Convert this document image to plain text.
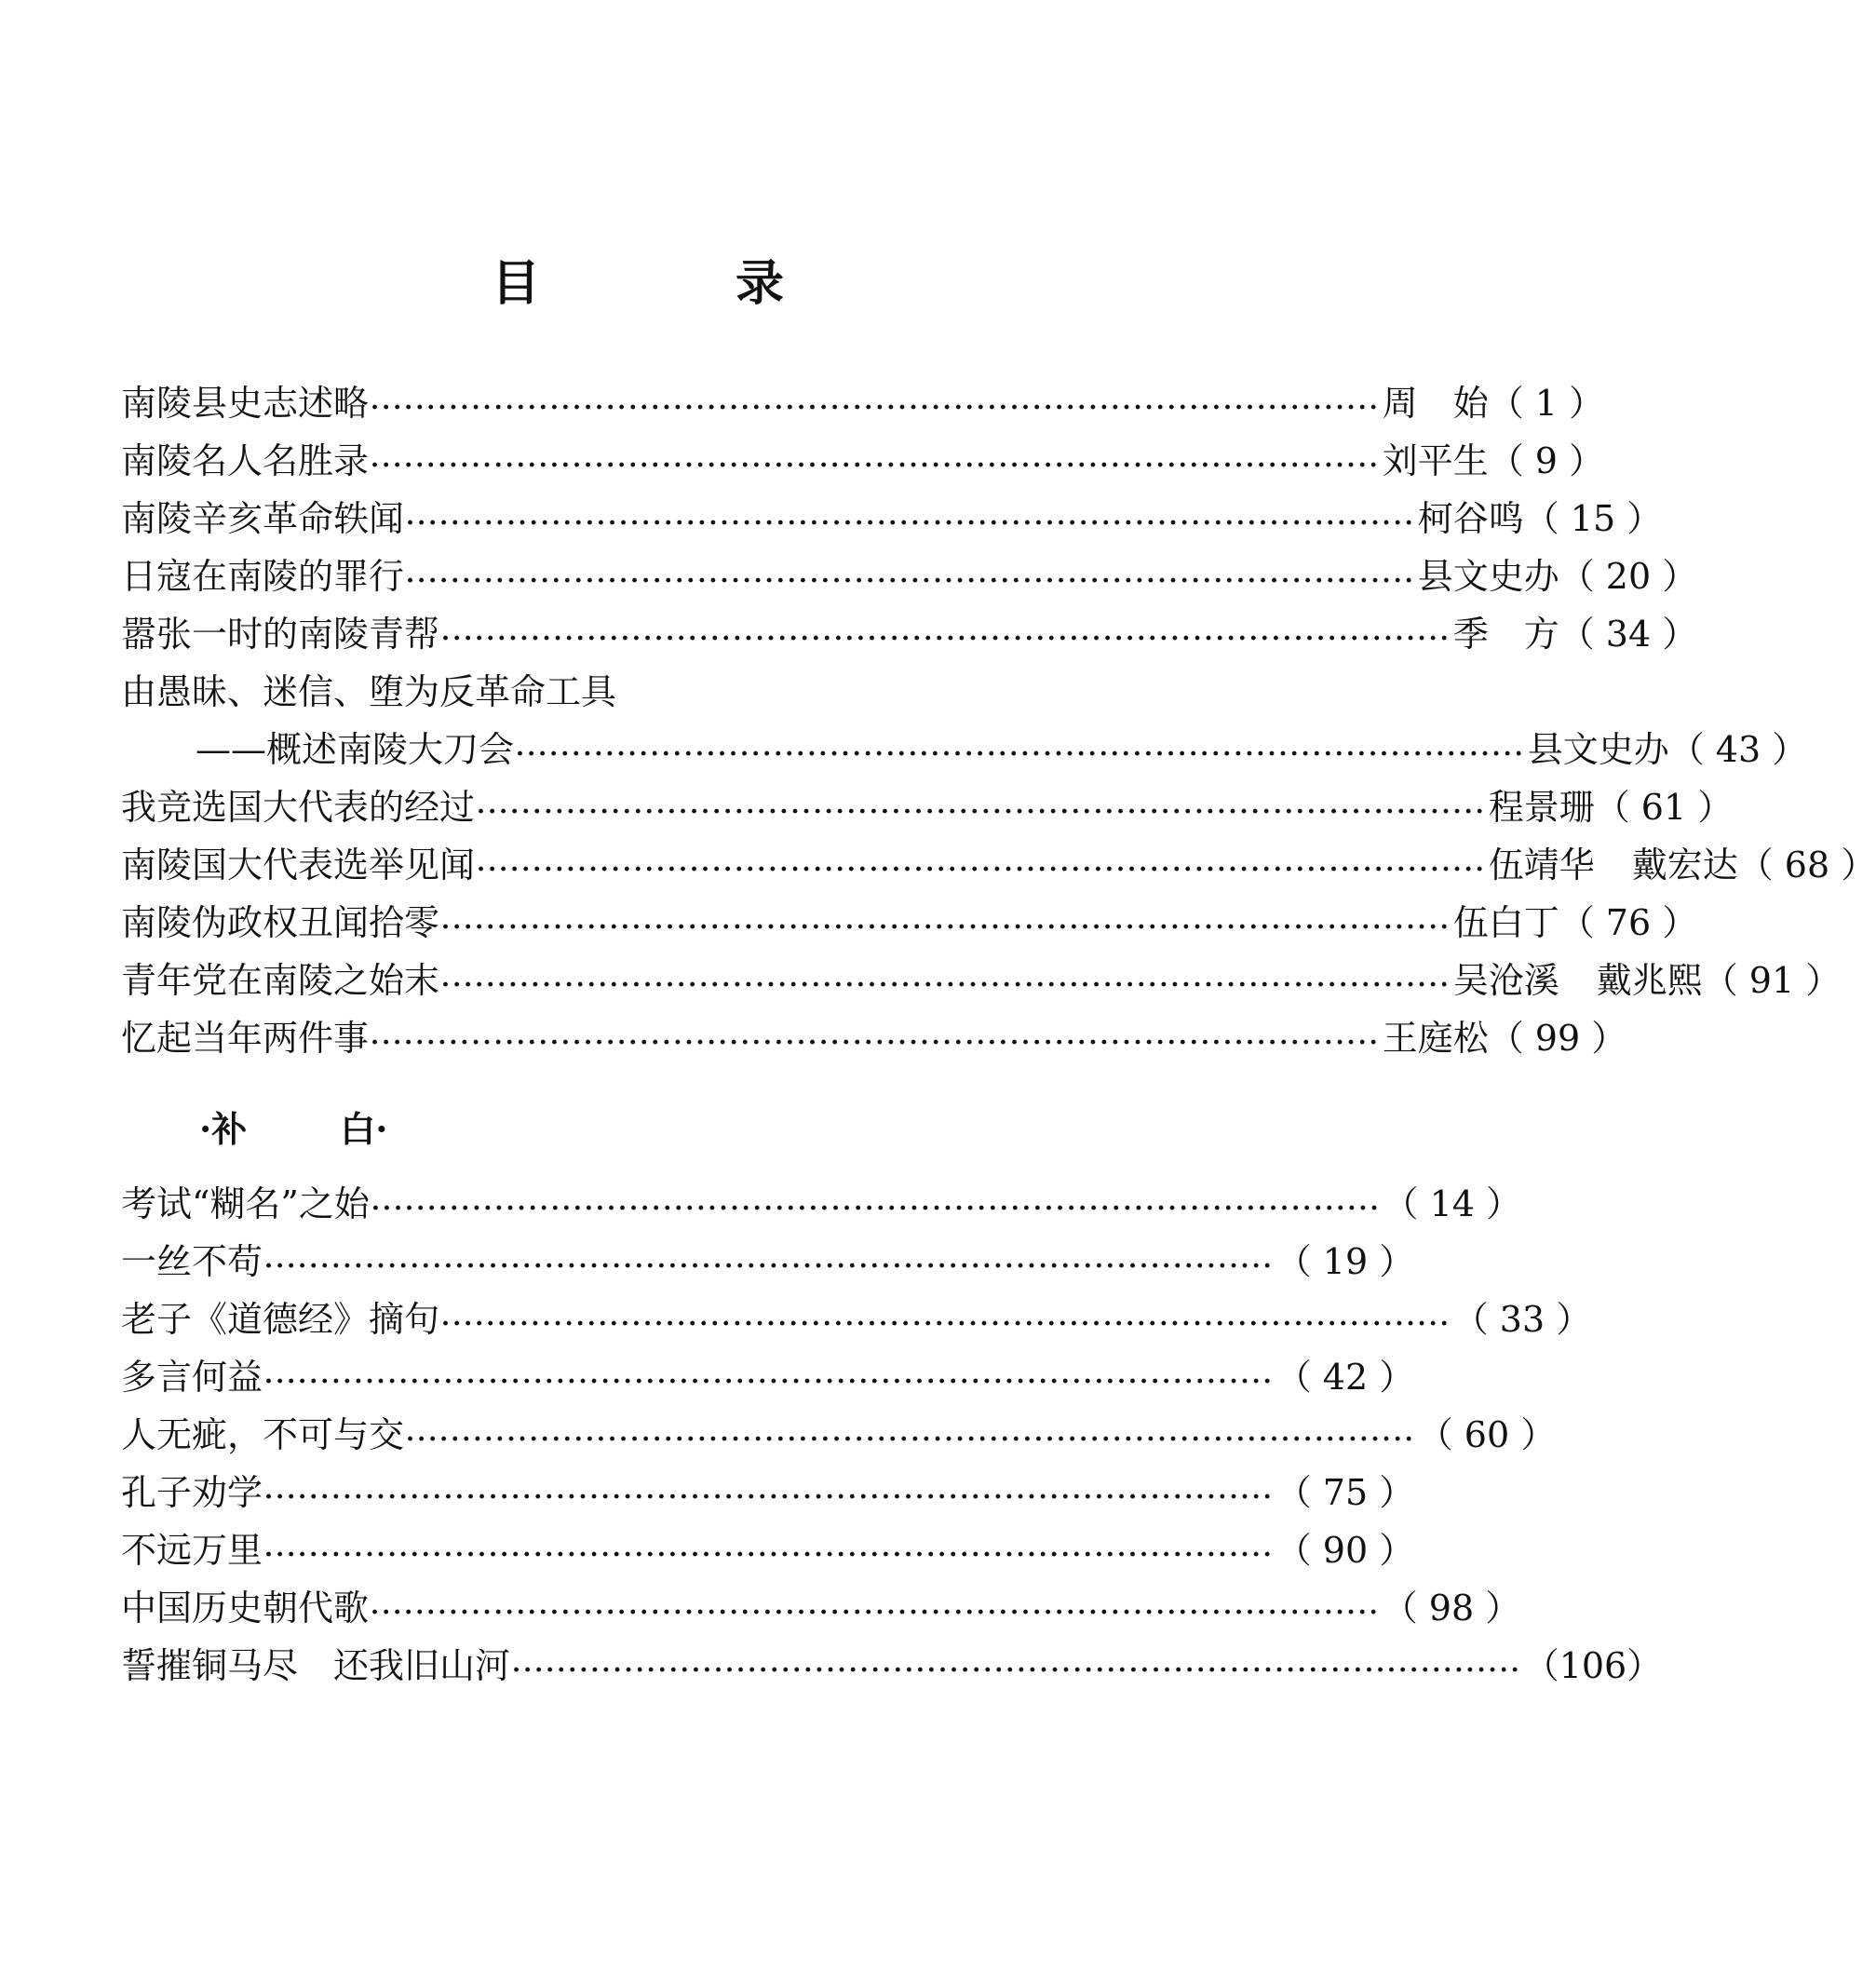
目	录
南陵县史志述略 ·························································································· 周　始 （ 1 ）
南陵名人名胜录 ·························································································· 刘平生 （ 9 ）
南陵辛亥革命轶闻 ·························································································· 柯谷鸣 （ 15 ）
日寇在南陵的罪行 ·························································································· 县文史办 （ 20 ）
嚣张一时的南陵青帮 ·························································································· 季　方 （ 34 ）
由愚昧、迷信、堕为反革命工具
——概述南陵大刀会 ·························································································· 县文史办 （ 43 ）
我竞选国大代表的经过 ·························································································· 程景珊 （ 61 ）
南陵国大代表选举见闻 ·························································································· 伍靖华 戴宏达 （ 68 ）
南陵伪政权丑闻拾零 ·························································································· 伍白丁 （ 76 ）
青年党在南陵之始末 ·························································································· 吴沧溪 戴兆熙 （ 91 ）
忆起当年两件事 ·························································································· 王庭松 （ 99 ）
·补	白·
考试“糊名”之始 ·························································································· （ 14 ）
一丝不苟 ·························································································· （ 19 ）
老子《道德经》摘句 ·························································································· （ 33 ）
多言何益 ·························································································· （ 42 ）
人无疵，不可与交 ·························································································· （ 60 ）
孔子劝学 ·························································································· （ 75 ）
不远万里 ·························································································· （ 90 ）
中国历史朝代歌 ·························································································· （ 98 ）
誓摧铜马尽　还我旧山河 ·························································································· （106）
